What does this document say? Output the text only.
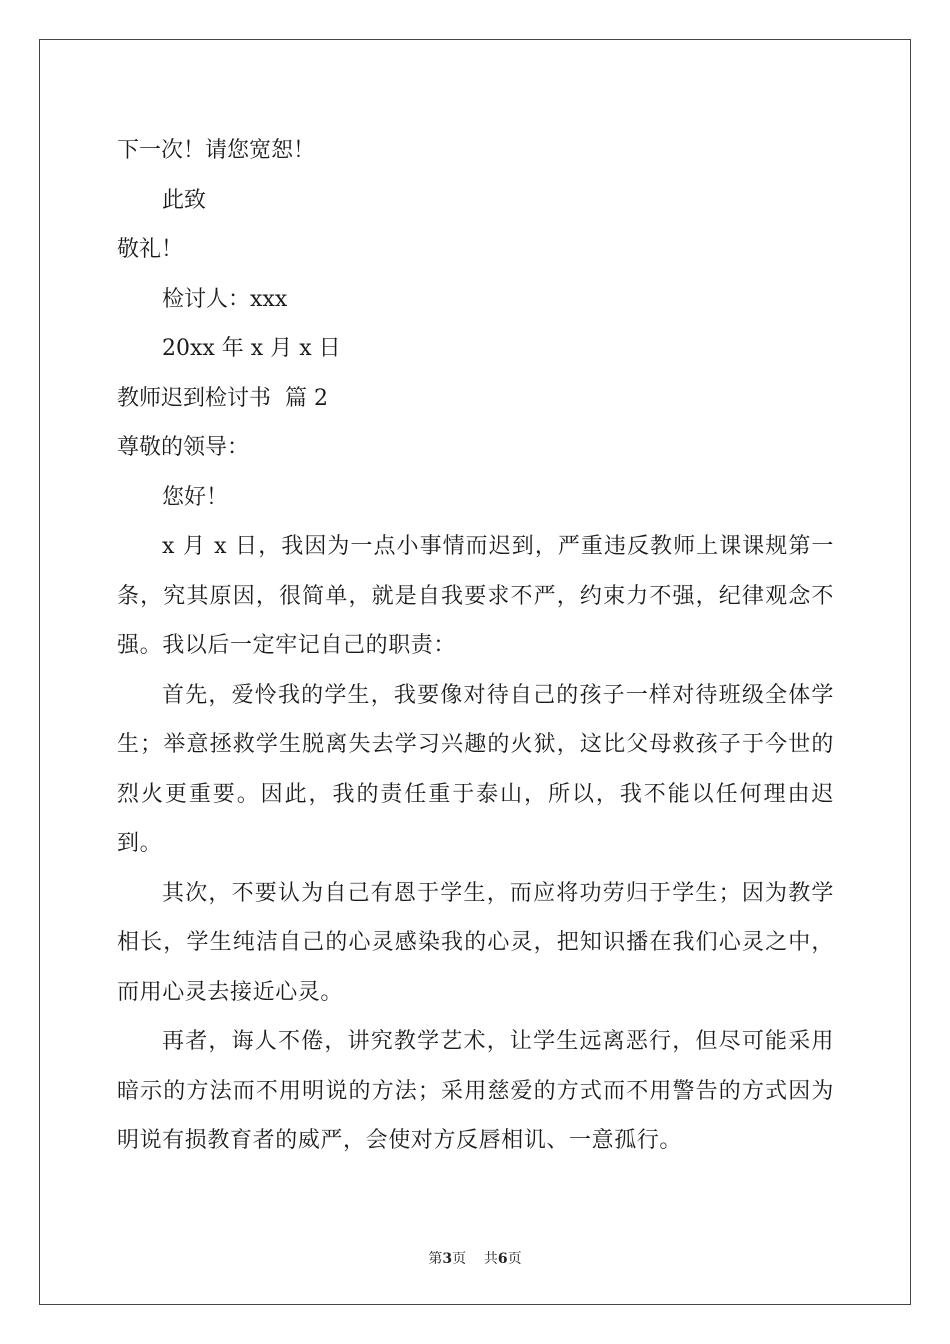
下一次！请您宽恕！
此致
敬礼！
检讨人：xxx
20xx 年 x 月 x 日
教师迟到检讨书  篇 2
尊敬的领导：
您好！
x 月 x 日，我因为一点小事情而迟到，严重违反教师上课课规第一条，究其原因，很简单，就是自我要求不严，约束力不强，纪律观念不强。我以后一定牢记自己的职责：
首先，爱怜我的学生，我要像对待自己的孩子一样对待班级全体学生；举意拯救学生脱离失去学习兴趣的火狱，这比父母救孩子于今世的烈火更重要。因此，我的责任重于泰山，所以，我不能以任何理由迟到。
其次，不要认为自己有恩于学生，而应将功劳归于学生；因为教学相长，学生纯洁自己的心灵感染我的心灵，把知识播在我们心灵之中，而用心灵去接近心灵。
再者，诲人不倦，讲究教学艺术，让学生远离恶行，但尽可能采用暗示的方法而不用明说的方法；采用慈爱的方式而不用警告的方式因为明说有损教育者的威严，会使对方反唇相讥、一意孤行。
第3页    共6页
